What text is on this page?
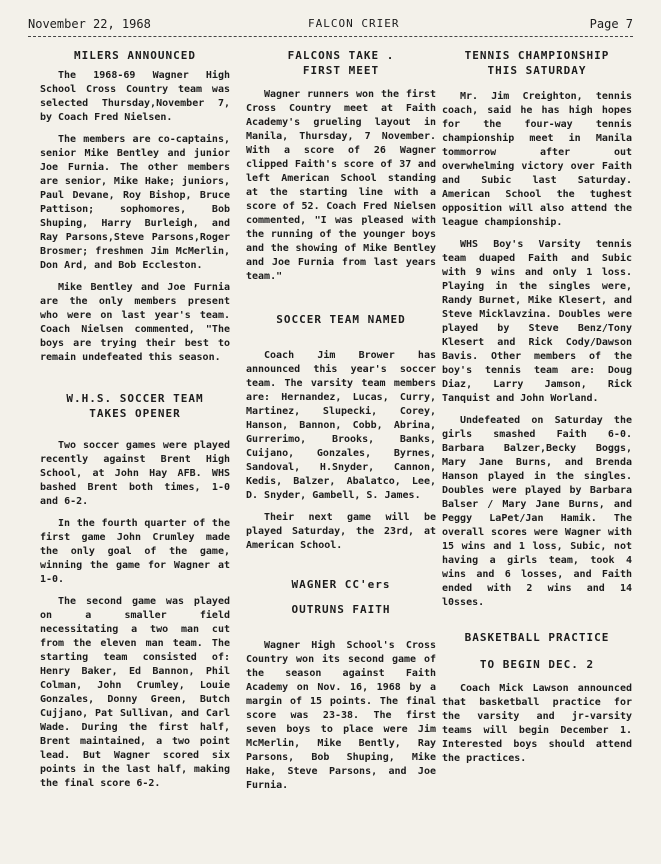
November 22, 1968	FALCON CRIER	Page 7
MILERS ANNOUNCED

The 1968-69 Wagner High School Cross Country team was selected Thursday,November 7, by Coach Fred Nielsen.

The members are co-captains, senior Mike Bentley and junior Joe Furnia. The other members are senior, Mike Hake; juniors, Paul Devane, Roy Bishop, Bruce Pattison; sophomores, Bob Shuping, Harry Burleigh, and Ray Parsons,Steve Parsons,Roger Brosmer; freshmen Jim McMerlin, Don Ard, and Bob Eccleston.

Mike Bentley and Joe Furnia are the only members present who were on last year's team. Coach Nielsen commented, "The boys are trying their best to remain undefeated this season.

W.H.S. SOCCER TEAM
TAKES OPENER

Two soccer games were played recently against Brent High School, at John Hay AFB. WHS bashed Brent both times, 1-0 and 6-2.

In the fourth quarter of the first game John Crumley made the only goal of the game, winning the game for Wagner at 1-0.

The second game was played on a smaller field necessitating a two man cut from the eleven man team. The starting team consisted of: Henry Baker, Ed Bannon, Phil Colman, John Crumley, Louie Gonzales, Donny Green, Butch Cujjano, Pat Sullivan, and Carl Wade. During the first half, Brent maintained, a two point lead. But Wagner scored six points in the last half, making the final score 6-2.

FALCONS TAKE .
FIRST MEET

Wagner runners won the first Cross Country meet at Faith Academy's grueling layout in Manila, Thursday, 7 November. With a score of 26 Wagner clipped Faith's score of 37 and left American School standing at the starting line with a score of 52. Coach Fred Nielsen commented, "I was pleased with the running of the younger boys and the showing of Mike Bentley and Joe Furnia from last years team."

SOCCER TEAM NAMED

Coach Jim Brower has announced this year's soccer team. The varsity team members are: Hernandez, Lucas, Curry, Martinez, Slupecki, Corey, Hanson, Bannon, Cobb, Abrina, Gurrerimo, Brooks, Banks, Cuijano, Gonzales, Byrnes, Sandoval, H.Snyder, Cannon, Kedis, Balzer, Abalatco, Lee, D. Snyder, Gambell, S. James.

Their next game will be played Saturday, the 23rd, at American School.

WAGNER CC'ers
OUTRUNS FAITH

Wagner High School's Cross Country won its second game of the season against Faith Academy on Nov. 16, 1968 by a margin of 15 points. The final score was 23-38. The first seven boys to place were Jim McMerlin, Mike Bently, Ray Parsons, Bob Shuping, Mike Hake, Steve Parsons, and Joe Furnia.

TENNIS CHAMPIONSHIP
THIS SATURDAY

Mr. Jim Creighton, tennis coach, said he has high hopes for the four-way tennis championship meet in Manila tommorrow after out overwhelming victory over Faith and Subic last Saturday. American School the tughest opposition will also attend the league championship.

WHS Boy's Varsity tennis team duaped Faith and Subic with 9 wins and only 1 loss. Playing in the singles were, Randy Burnet, Mike Klesert, and Steve Micklavzina. Doubles were played by Steve Benz/Tony Klesert and Rick Cody/Dawson Bavis. Other members of the boy's tennis team are: Doug Diaz, Larry Jamson, Rick Tanquist and John Worland.

Undefeated on Saturday the girls smashed Faith 6-0. Barbara Balzer,Becky Boggs, Mary Jane Burns, and Brenda Hanson played in the singles. Doubles were played by Barbara Balser / Mary Jane Burns, and Peggy LaPet/Jan Hamik. The overall scores were Wagner with 15 wins and 1 loss, Subic, not having a girls team, took 4 wins and 6 losses, and Faith ended with 2 wins and 14 l0sses.

BASKETBALL PRACTICE
TO BEGIN DEC. 2

Coach Mick Lawson announced that basketball practice for the varsity and jr-varsity teams will begin December 1. Interested boys should attend the practices.
